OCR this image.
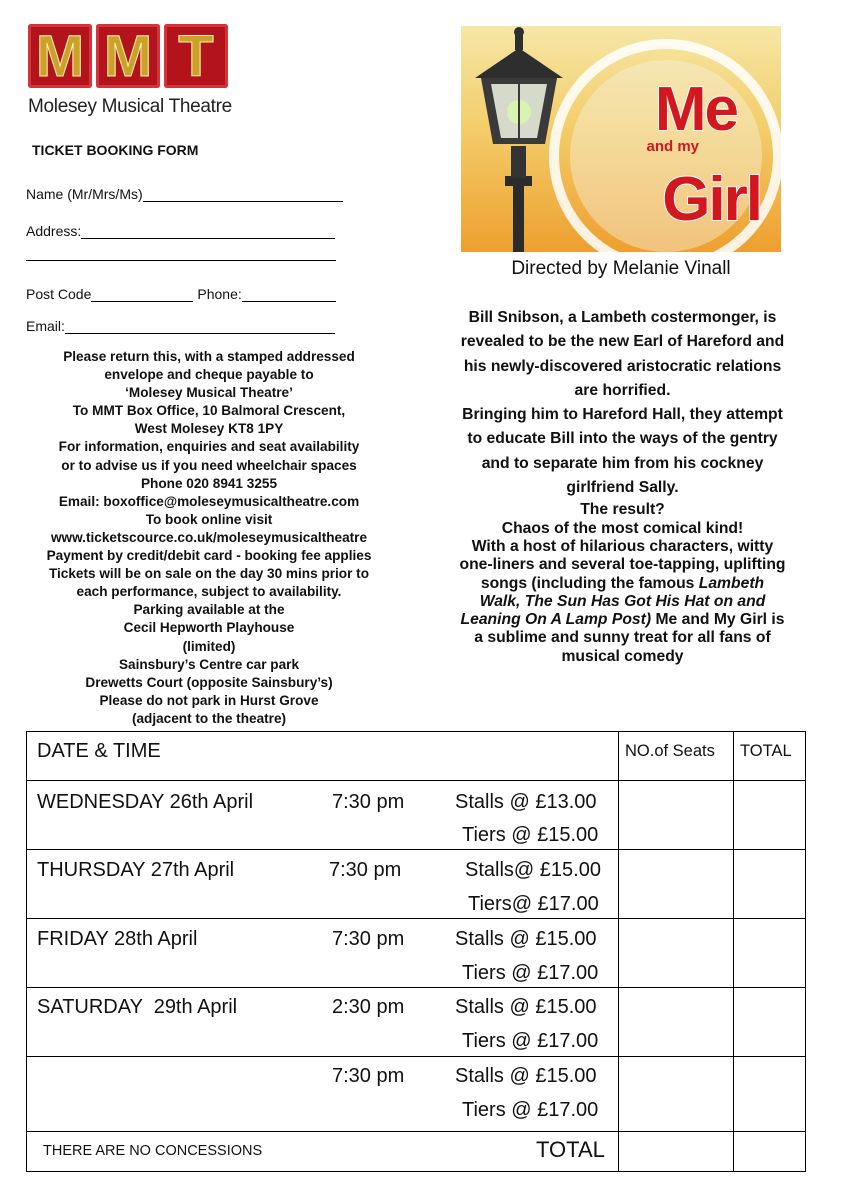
M M T
Molesey Musical Theatre
TICKET BOOKING FORM
Name (Mr/Mrs/Ms)
Address:
Post Code	Phone:
Email:
Please return this, with a stamped addressed
envelope and cheque payable to
‘Molesey Musical Theatre’
To MMT Box Office, 10 Balmoral Crescent,
West Molesey KT8 1PY
For information, enquiries and seat availability
or to advise us if you need wheelchair spaces
Phone 020 8941 3255
Email: boxoffice@moleseymusicaltheatre.com
To book online visit
www.ticketscource.co.uk/moleseymusicaltheatre
Payment by credit/debit card - booking fee applies
Tickets will be on sale on the day 30 mins prior to
each performance, subject to availability.
Parking available at the
Cecil Hepworth Playhouse
(limited)
Sainsbury’s Centre car park
Drewetts Court (opposite Sainsbury’s)
Please do not park in Hurst Grove
(adjacent to the theatre)
Me
and my
Girl
Directed by Melanie Vinall
Bill Snibson, a Lambeth costermonger, is
revealed to be the new Earl of Hareford and
his newly-discovered aristocratic relations
are horrified.
Bringing him to Hareford Hall, they attempt
to educate Bill into the ways of the gentry
and to separate him from his cockney
girlfriend Sally.
The result?
Chaos of the most comical kind!
With a host of hilarious characters, witty
one-liners and several toe-tapping, uplifting
songs (including the famous Lambeth
Walk, The Sun Has Got His Hat on and
Leaning On A Lamp Post) Me and My Girl is
a sublime and sunny treat for all fans of
musical comedy
DATE & TIME	NO.of Seats TOTAL
WEDNESDAY 26th April	7:30 pm	Stalls @ £13.00
Tiers @ £15.00
THURSDAY 27th April	7:30 pm	Stalls@ £15.00
Tiers@ £17.00
FRIDAY 28th April	7:30 pm	Stalls @ £15.00
Tiers @ £17.00
SATURDAY  29th April	2:30 pm	Stalls @ £15.00
Tiers @ £17.00
7:30 pm	Stalls @ £15.00
Tiers @ £17.00
THERE ARE NO CONCESSIONS	TOTAL
